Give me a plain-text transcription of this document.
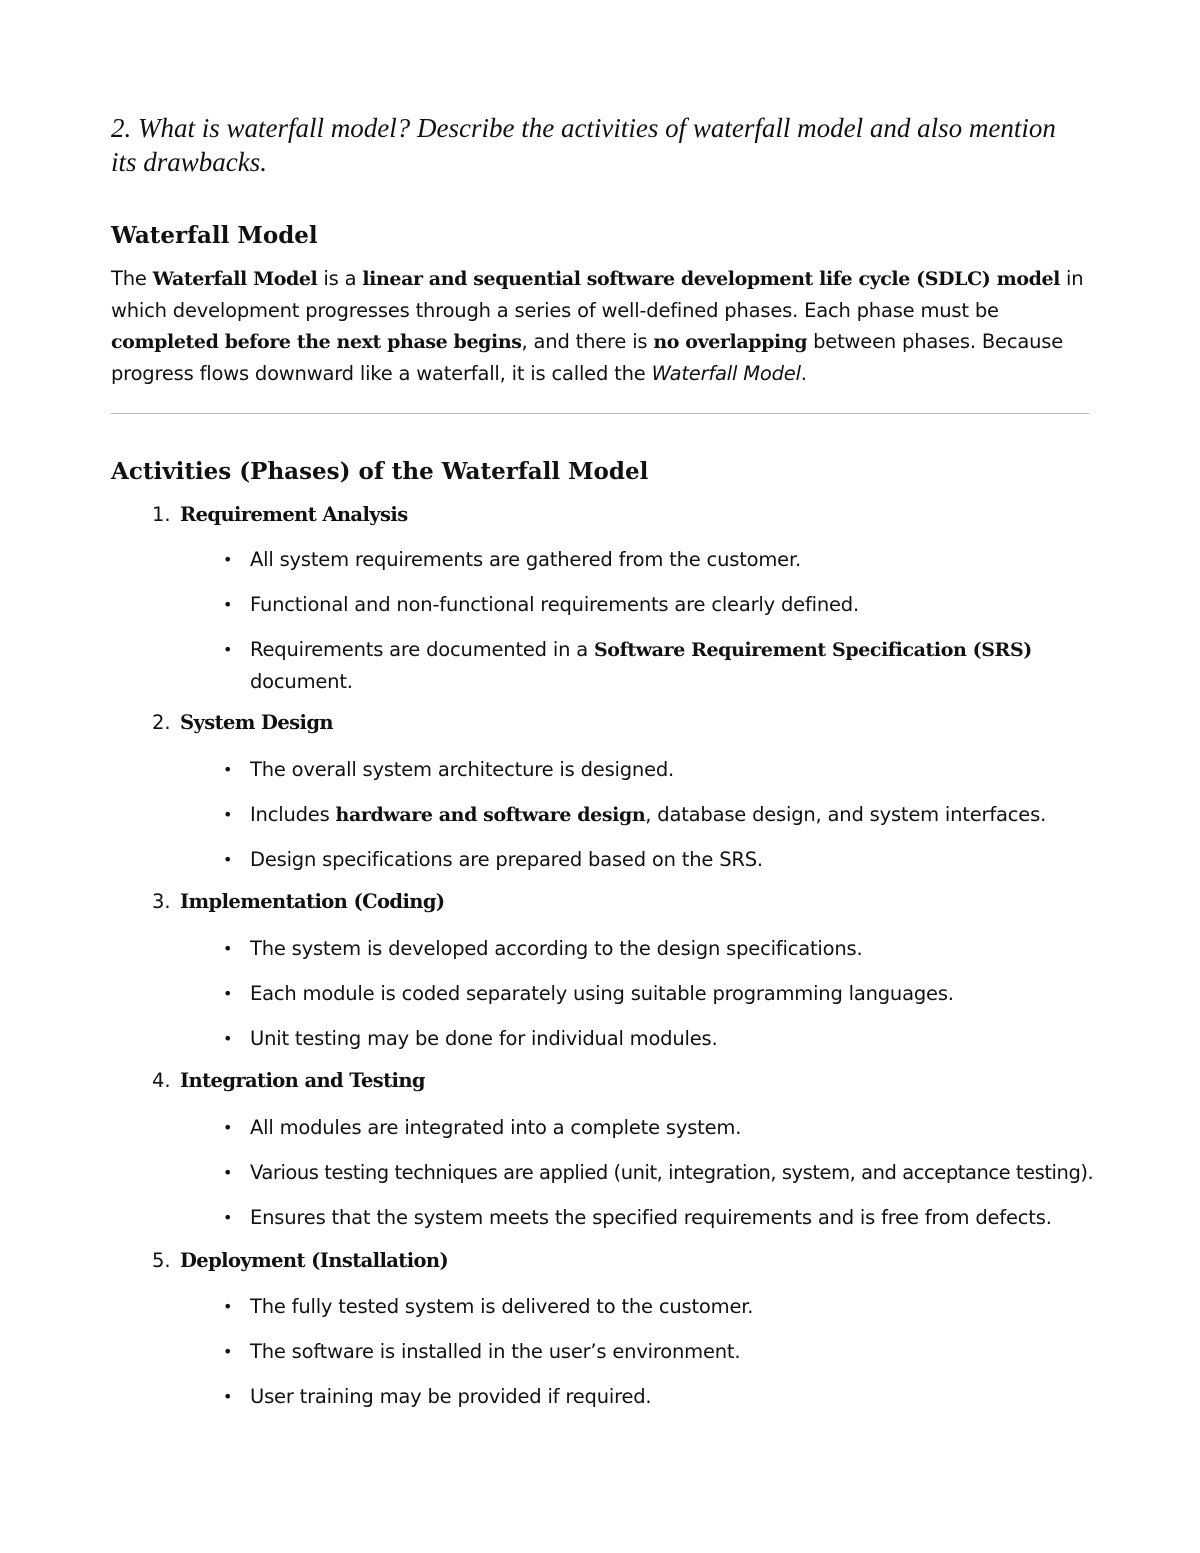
2. What is waterfall model? Describe the activities of waterfall model and also mention its drawbacks.

Waterfall Model

The Waterfall Model is a linear and sequential software development life cycle (SDLC) model in which development progresses through a series of well-defined phases. Each phase must be completed before the next phase begins, and there is no overlapping between phases. Because progress flows downward like a waterfall, it is called the Waterfall Model.

Activities (Phases) of the Waterfall Model

1. Requirement Analysis

• All system requirements are gathered from the customer.

• Functional and non-functional requirements are clearly defined.

• Requirements are documented in a Software Requirement Specification (SRS) document.

2. System Design

• The overall system architecture is designed.

• Includes hardware and software design, database design, and system interfaces.

• Design specifications are prepared based on the SRS.

3. Implementation (Coding)

• The system is developed according to the design specifications.

• Each module is coded separately using suitable programming languages.

• Unit testing may be done for individual modules.

4. Integration and Testing

• All modules are integrated into a complete system.

• Various testing techniques are applied (unit, integration, system, and acceptance testing).

• Ensures that the system meets the specified requirements and is free from defects.

5. Deployment (Installation)

• The fully tested system is delivered to the customer.

• The software is installed in the user’s environment.

• User training may be provided if required.
